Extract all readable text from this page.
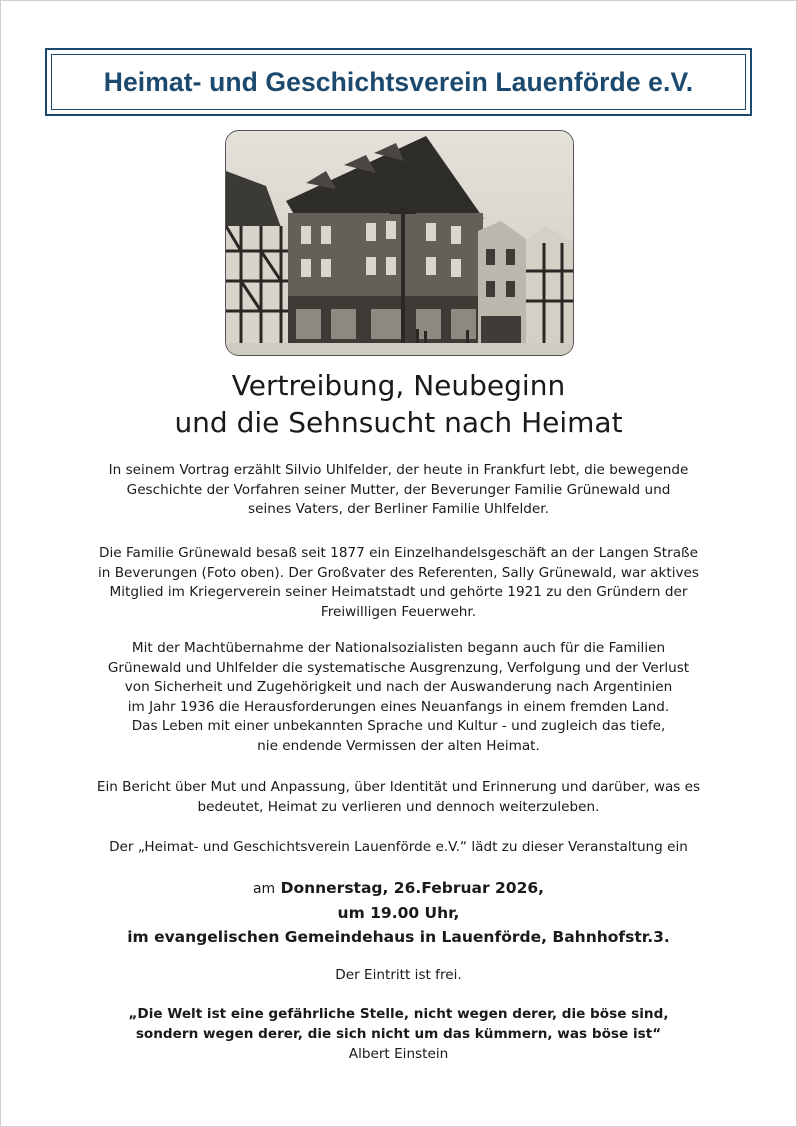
Heimat- und Geschichtsverein Lauenförde e.V.
Vertreibung, Neubeginn
und die Sehnsucht nach Heimat
In seinem Vortrag erzählt Silvio Uhlfelder, der heute in Frankfurt lebt, die bewegende
Geschichte der Vorfahren seiner Mutter, der Beverunger Familie Grünewald und
seines Vaters, der Berliner Familie Uhlfelder.
Die Familie Grünewald besaß seit 1877 ein Einzelhandelsgeschäft an der Langen Straße
in Beverungen (Foto oben). Der Großvater des Referenten, Sally Grünewald, war aktives
Mitglied im Kriegerverein seiner Heimatstadt und gehörte 1921 zu den Gründern der
Freiwilligen Feuerwehr.
Mit der Machtübernahme der Nationalsozialisten begann auch für die Familien
Grünewald und Uhlfelder die systematische Ausgrenzung, Verfolgung und der Verlust
von Sicherheit und Zugehörigkeit und nach der Auswanderung nach Argentinien
im Jahr 1936 die Herausforderungen eines Neuanfangs in einem fremden Land.
Das Leben mit einer unbekannten Sprache und Kultur - und zugleich das tiefe,
nie endende Vermissen der alten Heimat.
Ein Bericht über Mut und Anpassung, über Identität und Erinnerung und darüber, was es
bedeutet, Heimat zu verlieren und dennoch weiterzuleben.
Der „Heimat- und Geschichtsverein Lauenförde e.V.“ lädt zu dieser Veranstaltung ein
am Donnerstag, 26.Februar 2026,
um 19.00 Uhr,
im evangelischen Gemeindehaus in Lauenförde, Bahnhofstr.3.
Der Eintritt ist frei.
„Die Welt ist eine gefährliche Stelle, nicht wegen derer, die böse sind,
sondern wegen derer, die sich nicht um das kümmern, was böse ist“
Albert Einstein
